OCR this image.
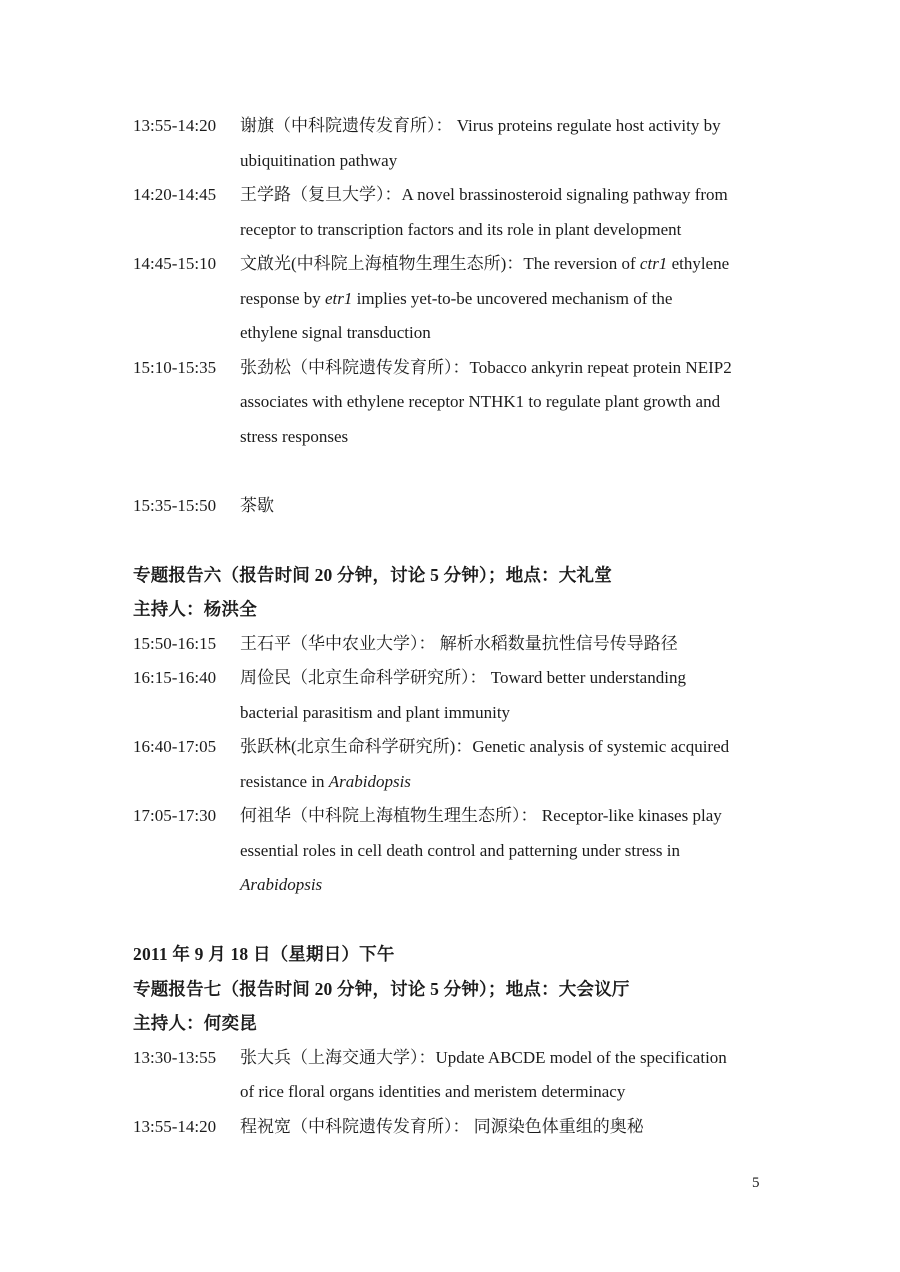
13:55-14:20	谢旗（中科院遗传发育所）： Virus proteins regulate host activity by
ubiquitination pathway
14:20-14:45	王学路（复旦大学）：A novel brassinosteroid signaling pathway from
receptor to transcription factors and its role in plant development
14:45-15:10	文啟光(中科院上海植物生理生态所)：The reversion of ctr1 ethylene
response by etr1 implies yet-to-be uncovered mechanism of the
ethylene signal transduction
15:10-15:35	张劲松（中科院遗传发育所）：Tobacco ankyrin repeat protein NEIP2
associates with ethylene receptor NTHK1 to regulate plant growth and
stress responses
15:35-15:50	茶歇
专题报告六（报告时间 20 分钟，讨论 5 分钟）；地点：大礼堂
主持人：杨洪全
15:50-16:15	王石平（华中农业大学）： 解析水稻数量抗性信号传导路径
16:15-16:40	周俭民（北京生命科学研究所）： Toward better understanding
bacterial parasitism and plant immunity
16:40-17:05	张跃林(北京生命科学研究所)：Genetic analysis of systemic acquired
resistance in Arabidopsis
17:05-17:30	何祖华（中科院上海植物生理生态所）： Receptor-like kinases play
essential roles in cell death control and patterning under stress in
Arabidopsis
2011 年 9 月 18 日（星期日）下午
专题报告七（报告时间 20 分钟，讨论 5 分钟）；地点：大会议厅
主持人：何奕昆
13:30-13:55	张大兵（上海交通大学）：Update ABCDE model of the specification
of rice floral organs identities and meristem determinacy
13:55-14:20	程祝宽（中科院遗传发育所）： 同源染色体重组的奥秘
5
